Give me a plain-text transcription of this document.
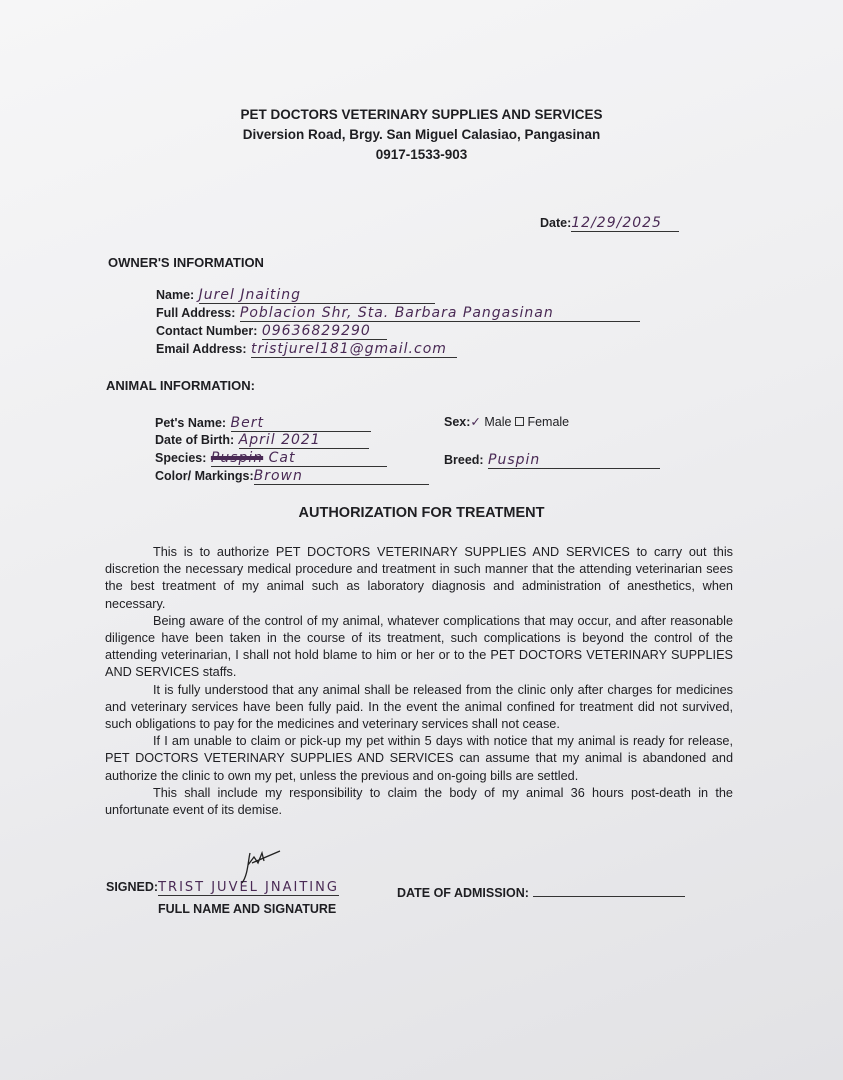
PET DOCTORS VETERINARY SUPPLIES AND SERVICES
Diversion Road, Brgy. San Miguel Calasiao, Pangasinan
0917-1533-903
Date:12/29/2025
OWNER'S INFORMATION
Name: Jurel Jnaiting
Full Address: Poblacion Shr, Sta. Barbara Pangasinan
Contact Number: 09636829290
Email Address: tristjurel181@gmail.com
ANIMAL INFORMATION:
Pet's Name: Bert
Date of Birth: April 2021
Species: Puspin Cat
Color/ Markings:Brown
Sex:✓ Male Female
Breed: Puspin
AUTHORIZATION FOR TREATMENT

This is to authorize PET DOCTORS VETERINARY SUPPLIES AND SERVICES to carry out this discretion the necessary medical procedure and treatment in such manner that the attending veterinarian sees the best treatment of my animal such as laboratory diagnosis and administration of anesthetics, when necessary.

Being aware of the control of my animal, whatever complications that may occur, and after reasonable diligence have been taken in the course of its treatment, such complications is beyond the control of the attending veterinarian, I shall not hold blame to him or her or to the PET DOCTORS VETERINARY SUPPLIES AND SERVICES staffs.

It is fully understood that any animal shall be released from the clinic only after charges for medicines and veterinary services have been fully paid. In the event the animal confined for treatment did not survived, such obligations to pay for the medicines and veterinary services shall not cease.

If I am unable to claim or pick-up my pet within 5 days with notice that my animal is ready for release, PET DOCTORS VETERINARY SUPPLIES AND SERVICES can assume that my animal is abandoned and authorize the clinic to own my pet, unless the previous and on-going bills are settled.

This shall include my responsibility to claim the body of my animal 36 hours post-death in the unfortunate event of its demise.

SIGNED:TRIST JUVEL JNAITING
FULL NAME AND SIGNATURE
DATE OF ADMISSION:
